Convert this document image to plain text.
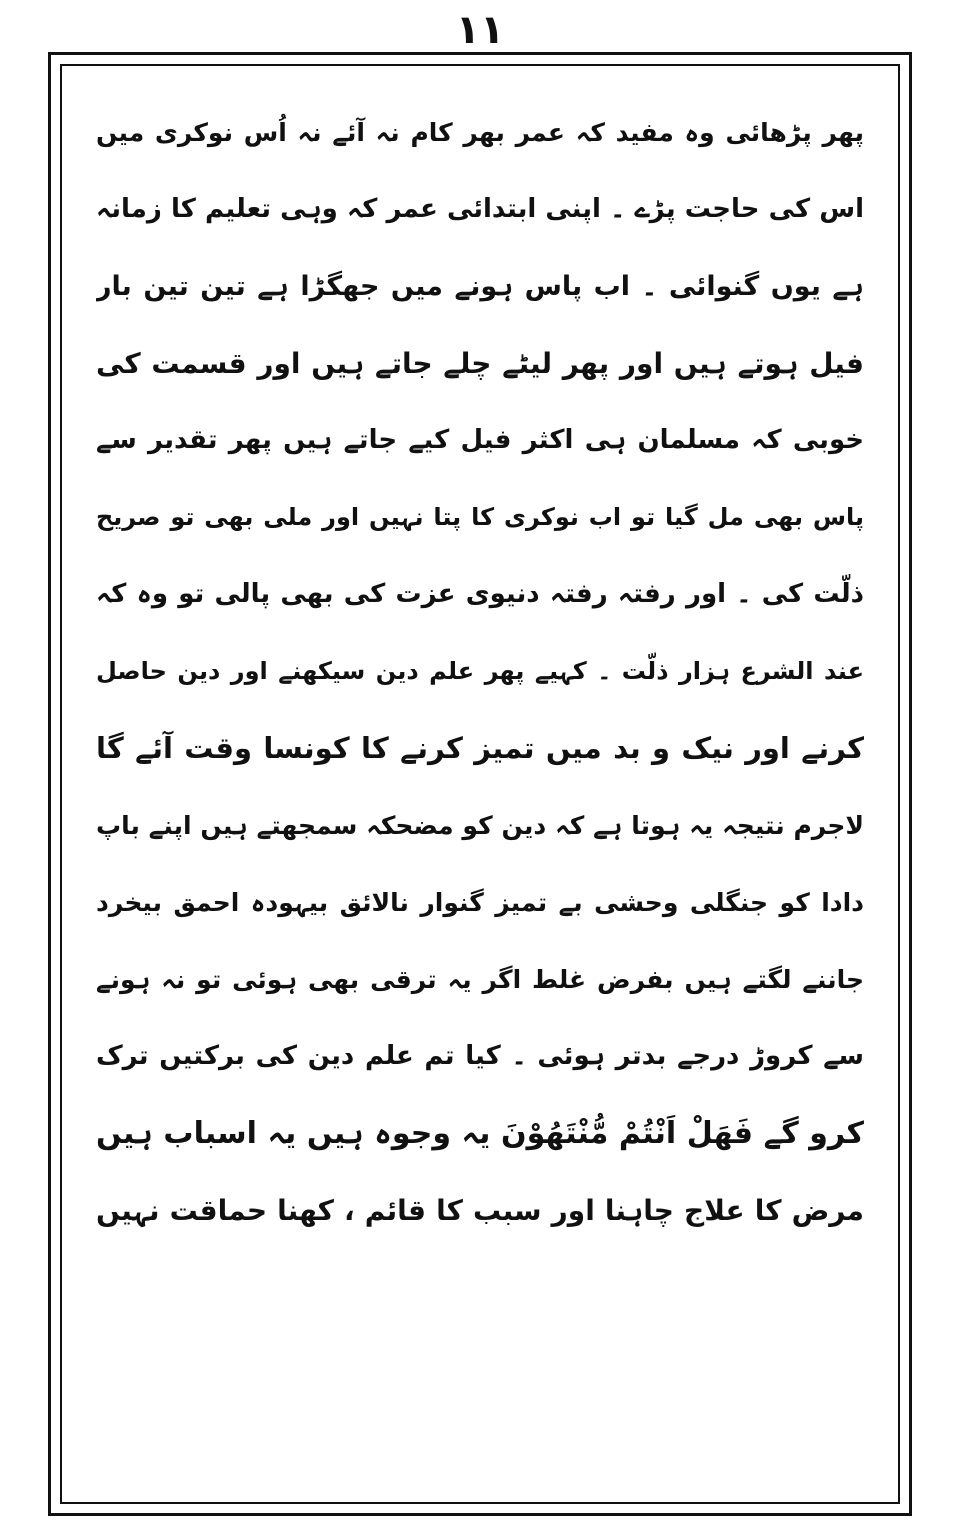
۱۱
پھر پڑھائی وہ مفید کہ عمر بھر کام نہ آئے نہ اُس نوکری میں
اس کی حاجت پڑے ۔ اپنی ابتدائی عمر کہ وہی تعلیم کا زمانہ
ہے یوں گنوائی ۔ اب پاس ہونے میں جھگڑا ہے تین تین بار
فیل ہوتے ہیں اور پھر لیٹے چلے جاتے ہیں اور قسمت کی
خوبی کہ مسلمان ہی اکثر فیل کیے جاتے ہیں پھر تقدیر سے
پاس بھی مل گیا تو اب نوکری کا پتا نہیں اور ملی بھی تو صریح
ذلّت کی ۔ اور رفتہ رفتہ دنیوی عزت کی بھی پالی تو وہ کہ
عند الشرع ہزار ذلّت ۔ کہیے پھر علم دین سیکھنے اور دین حاصل
کرنے اور نیک و بد میں تمیز کرنے کا کونسا وقت آئے گا
لاجرم نتیجہ یہ ہوتا ہے کہ دین کو مضحکہ سمجھتے ہیں اپنے باپ
دادا کو جنگلی وحشی بے تمیز گنوار نالائق بیہودہ احمق بیخرد
جاننے لگتے ہیں بفرض غلط اگر یہ ترقی بھی ہوئی تو نہ ہونے
سے کروڑ درجے بدتر ہوئی ۔ کیا تم علم دین کی برکتیں ترک
کرو گے فَهَلْ اَنْتُمْ مُّنْتَهُوْنَ یہ وجوہ ہیں یہ اسباب ہیں
مرض کا علاج چاہنا اور سبب کا قائم ، کھنا حماقت نہیں
